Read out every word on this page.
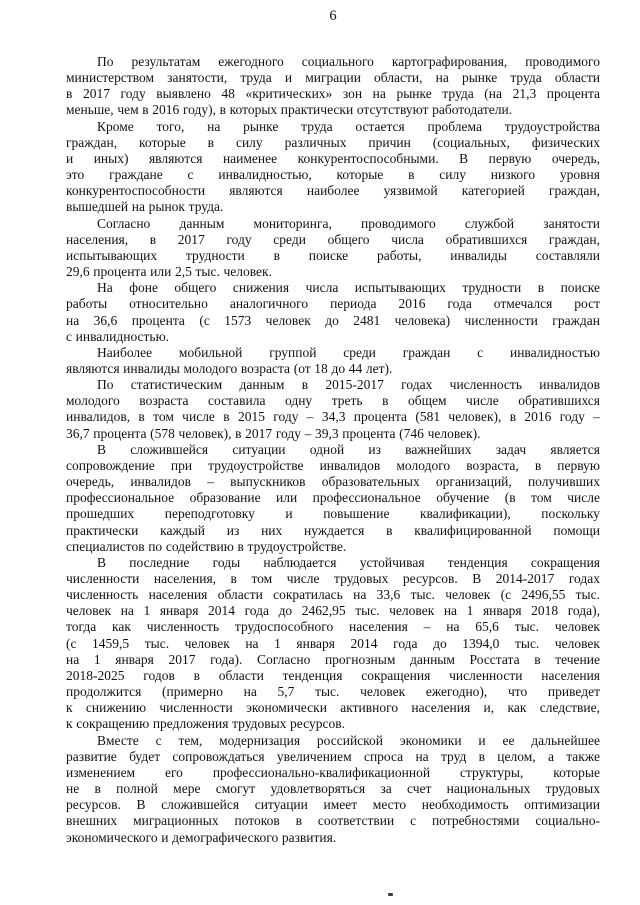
6
По результатам ежегодного социального картографирования, проводимого
министерством занятости, труда и миграции области, на рынке труда области
в 2017 году выявлено 48 «критических» зон на рынке труда (на 21,3 процента
меньше, чем в 2016 году), в которых практически отсутствуют работодатели.
Кроме того, на рынке труда остается проблема трудоустройства
граждан, которые в силу различных причин (социальных, физических
и иных) являются наименее конкурентоспособными. В первую очередь,
это граждане с инвалидностью, которые в силу низкого уровня
конкурентоспособности являются наиболее уязвимой категорией граждан,
вышедшей на рынок труда.
Согласно данным мониторинга, проводимого службой занятости
населения, в 2017 году среди общего числа обратившихся граждан,
испытывающих трудности в поиске работы, инвалиды составляли
29,6 процента или 2,5 тыс. человек.
На фоне общего снижения числа испытывающих трудности в поиске
работы относительно аналогичного периода 2016 года отмечался рост
на 36,6 процента (с 1573 человек до 2481 человека) численности граждан
с инвалидностью.
Наиболее мобильной группой среди граждан с инвалидностью
являются инвалиды молодого возраста (от 18 до 44 лет).
По статистическим данным в 2015-2017 годах численность инвалидов
молодого возраста составила одну треть в общем числе обратившихся
инвалидов, в том числе в 2015 году – 34,3 процента (581 человек), в 2016 году –
36,7 процента (578 человек), в 2017 году – 39,3 процента (746 человек).
В сложившейся ситуации одной из важнейших задач является
сопровождение при трудоустройстве инвалидов молодого возраста, в первую
очередь, инвалидов – выпускников образовательных организаций, получивших
профессиональное образование или профессиональное обучение (в том числе
прошедших переподготовку и повышение квалификации), поскольку
практически каждый из них нуждается в квалифицированной помощи
специалистов по содействию в трудоустройстве.
В последние годы наблюдается устойчивая тенденция сокращения
численности населения, в том числе трудовых ресурсов. В 2014-2017 годах
численность населения области сократилась на 33,6 тыс. человек (с 2496,55 тыс.
человек на 1 января 2014 года до 2462,95 тыс. человек на 1 января 2018 года),
тогда как численность трудоспособного населения – на 65,6 тыс. человек
(с 1459,5 тыс. человек на 1 января 2014 года до 1394,0 тыс. человек
на 1 января 2017 года). Согласно прогнозным данным Росстата в течение
2018-2025 годов в области тенденция сокращения численности населения
продолжится (примерно на 5,7 тыс. человек ежегодно), что приведет
к снижению численности экономически активного населения и, как следствие,
к сокращению предложения трудовых ресурсов.
Вместе с тем, модернизация российской экономики и ее дальнейшее
развитие будет сопровождаться увеличением спроса на труд в целом, а также
изменением его профессионально-квалификационной структуры, которые
не в полной мере смогут удовлетворяться за счет национальных трудовых
ресурсов. В сложившейся ситуации имеет место необходимость оптимизации
внешних миграционных потоков в соответствии с потребностями социально-
экономического и демографического развития.
